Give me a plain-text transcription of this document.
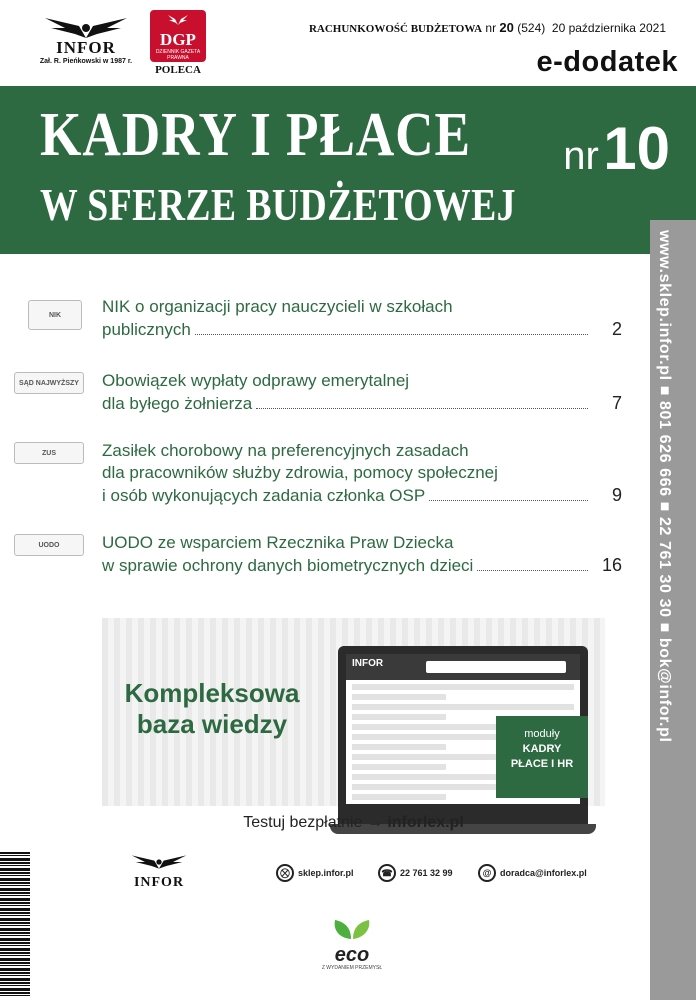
INFOR
Zał. R. Pieńkowski w 1987 r.
DGP
DZIENNIK GAZETA PRAWNA
POLECA
RACHUNKOWOŚĆ BUDŻETOWA nr 20 (524) 20 października 2021
e-dodatek
KADRY I PŁACE
W SFERZE BUDŻETOWEJ
nr 10
www.sklep.infor.pl ■ 801 626 666 ■ 22 761 30 30 ■ bok@infor.pl
NIK	NIK o organizacji pracy nauczycieli w szkołach
publicznych	2
SĄD NAJWYŻSZY Obowiązek wypłaty odprawy emerytalnej
dla byłego żołnierza	7
ZUS	Zasiłek chorobowy na preferencyjnych zasadach
dla pracowników służby zdrowia, pomocy społecznej
i osób wykonujących zadania członka OSP	9
UODO	UODO ze wsparciem Rzecznika Praw Dziecka
w sprawie ochrony danych biometrycznych dzieci	16
Kompleksowa
baza wiedzy
INFOR
moduły
KADRY
PŁACE I HR
Testuj bezpłatnie → inforlex.pl
INFOR
⛒ sklep.infor.pl	☎ 22 761 32 99	@ doradca@inforlex.pl
eco
Z WYDANIEM PRZEMYSŁ
